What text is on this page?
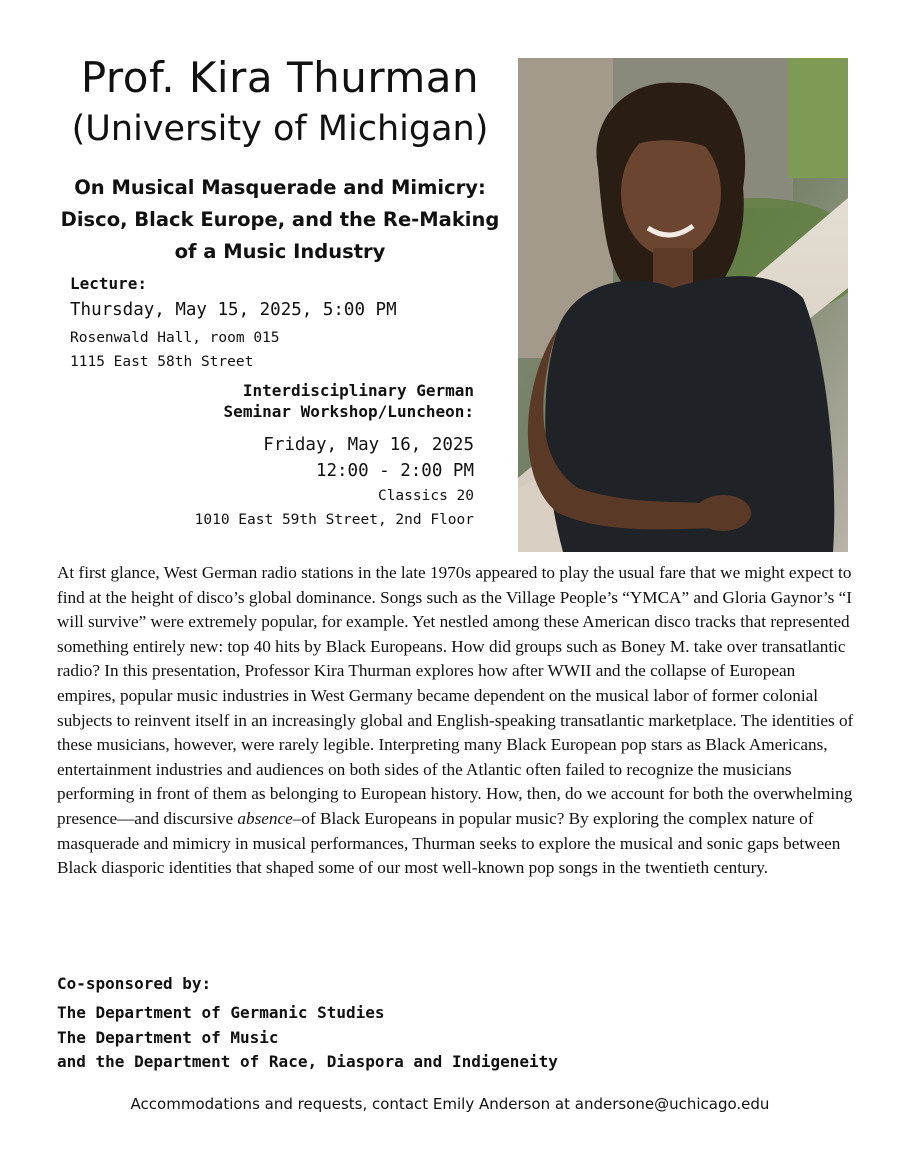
Prof. Kira Thurman
(University of Michigan)
On Musical Masquerade and Mimicry:
Disco, Black Europe, and the Re-Making
of a Music Industry
Lecture:
Thursday, May 15, 2025, 5:00 PM
Rosenwald Hall, room 015
1115 East 58th Street
Interdisciplinary German
Seminar Workshop/Luncheon:
Friday, May 16, 2025
12:00 - 2:00 PM
Classics 20
1010 East 59th Street, 2nd Floor
At first glance, West German radio stations in the late 1970s appeared to play the usual fare that we might expect to find at the height of disco’s global dominance. Songs such as the Village People’s “YMCA” and Gloria Gaynor’s “I will survive” were extremely popular, for example. Yet nestled among these American disco tracks that represented something entirely new: top 40 hits by Black Europeans. How did groups such as Boney M. take over transatlantic radio? In this presentation, Professor Kira Thurman explores how after WWII and the collapse of European empires, popular music industries in West Germany became dependent on the musical labor of former colonial subjects to reinvent itself in an increasingly global and English-speaking transatlantic marketplace. The identities of these musicians, however, were rarely legible. Interpreting many Black European pop stars as Black Americans, entertainment industries and audiences on both sides of the Atlantic often failed to recognize the musicians performing in front of them as belonging to European history. How, then, do we account for both the overwhelming presence—and discursive absence–of Black Europeans in popular music? By exploring the complex nature of masquerade and mimicry in musical performances, Thurman seeks to explore the musical and sonic gaps between Black diasporic identities that shaped some of our most well-known pop songs in the twentieth century.
Co-sponsored by:
The Department of Germanic Studies
The Department of Music
and the Department of Race, Diaspora and Indigeneity
Accommodations and requests, contact Emily Anderson at andersone@uchicago.edu
